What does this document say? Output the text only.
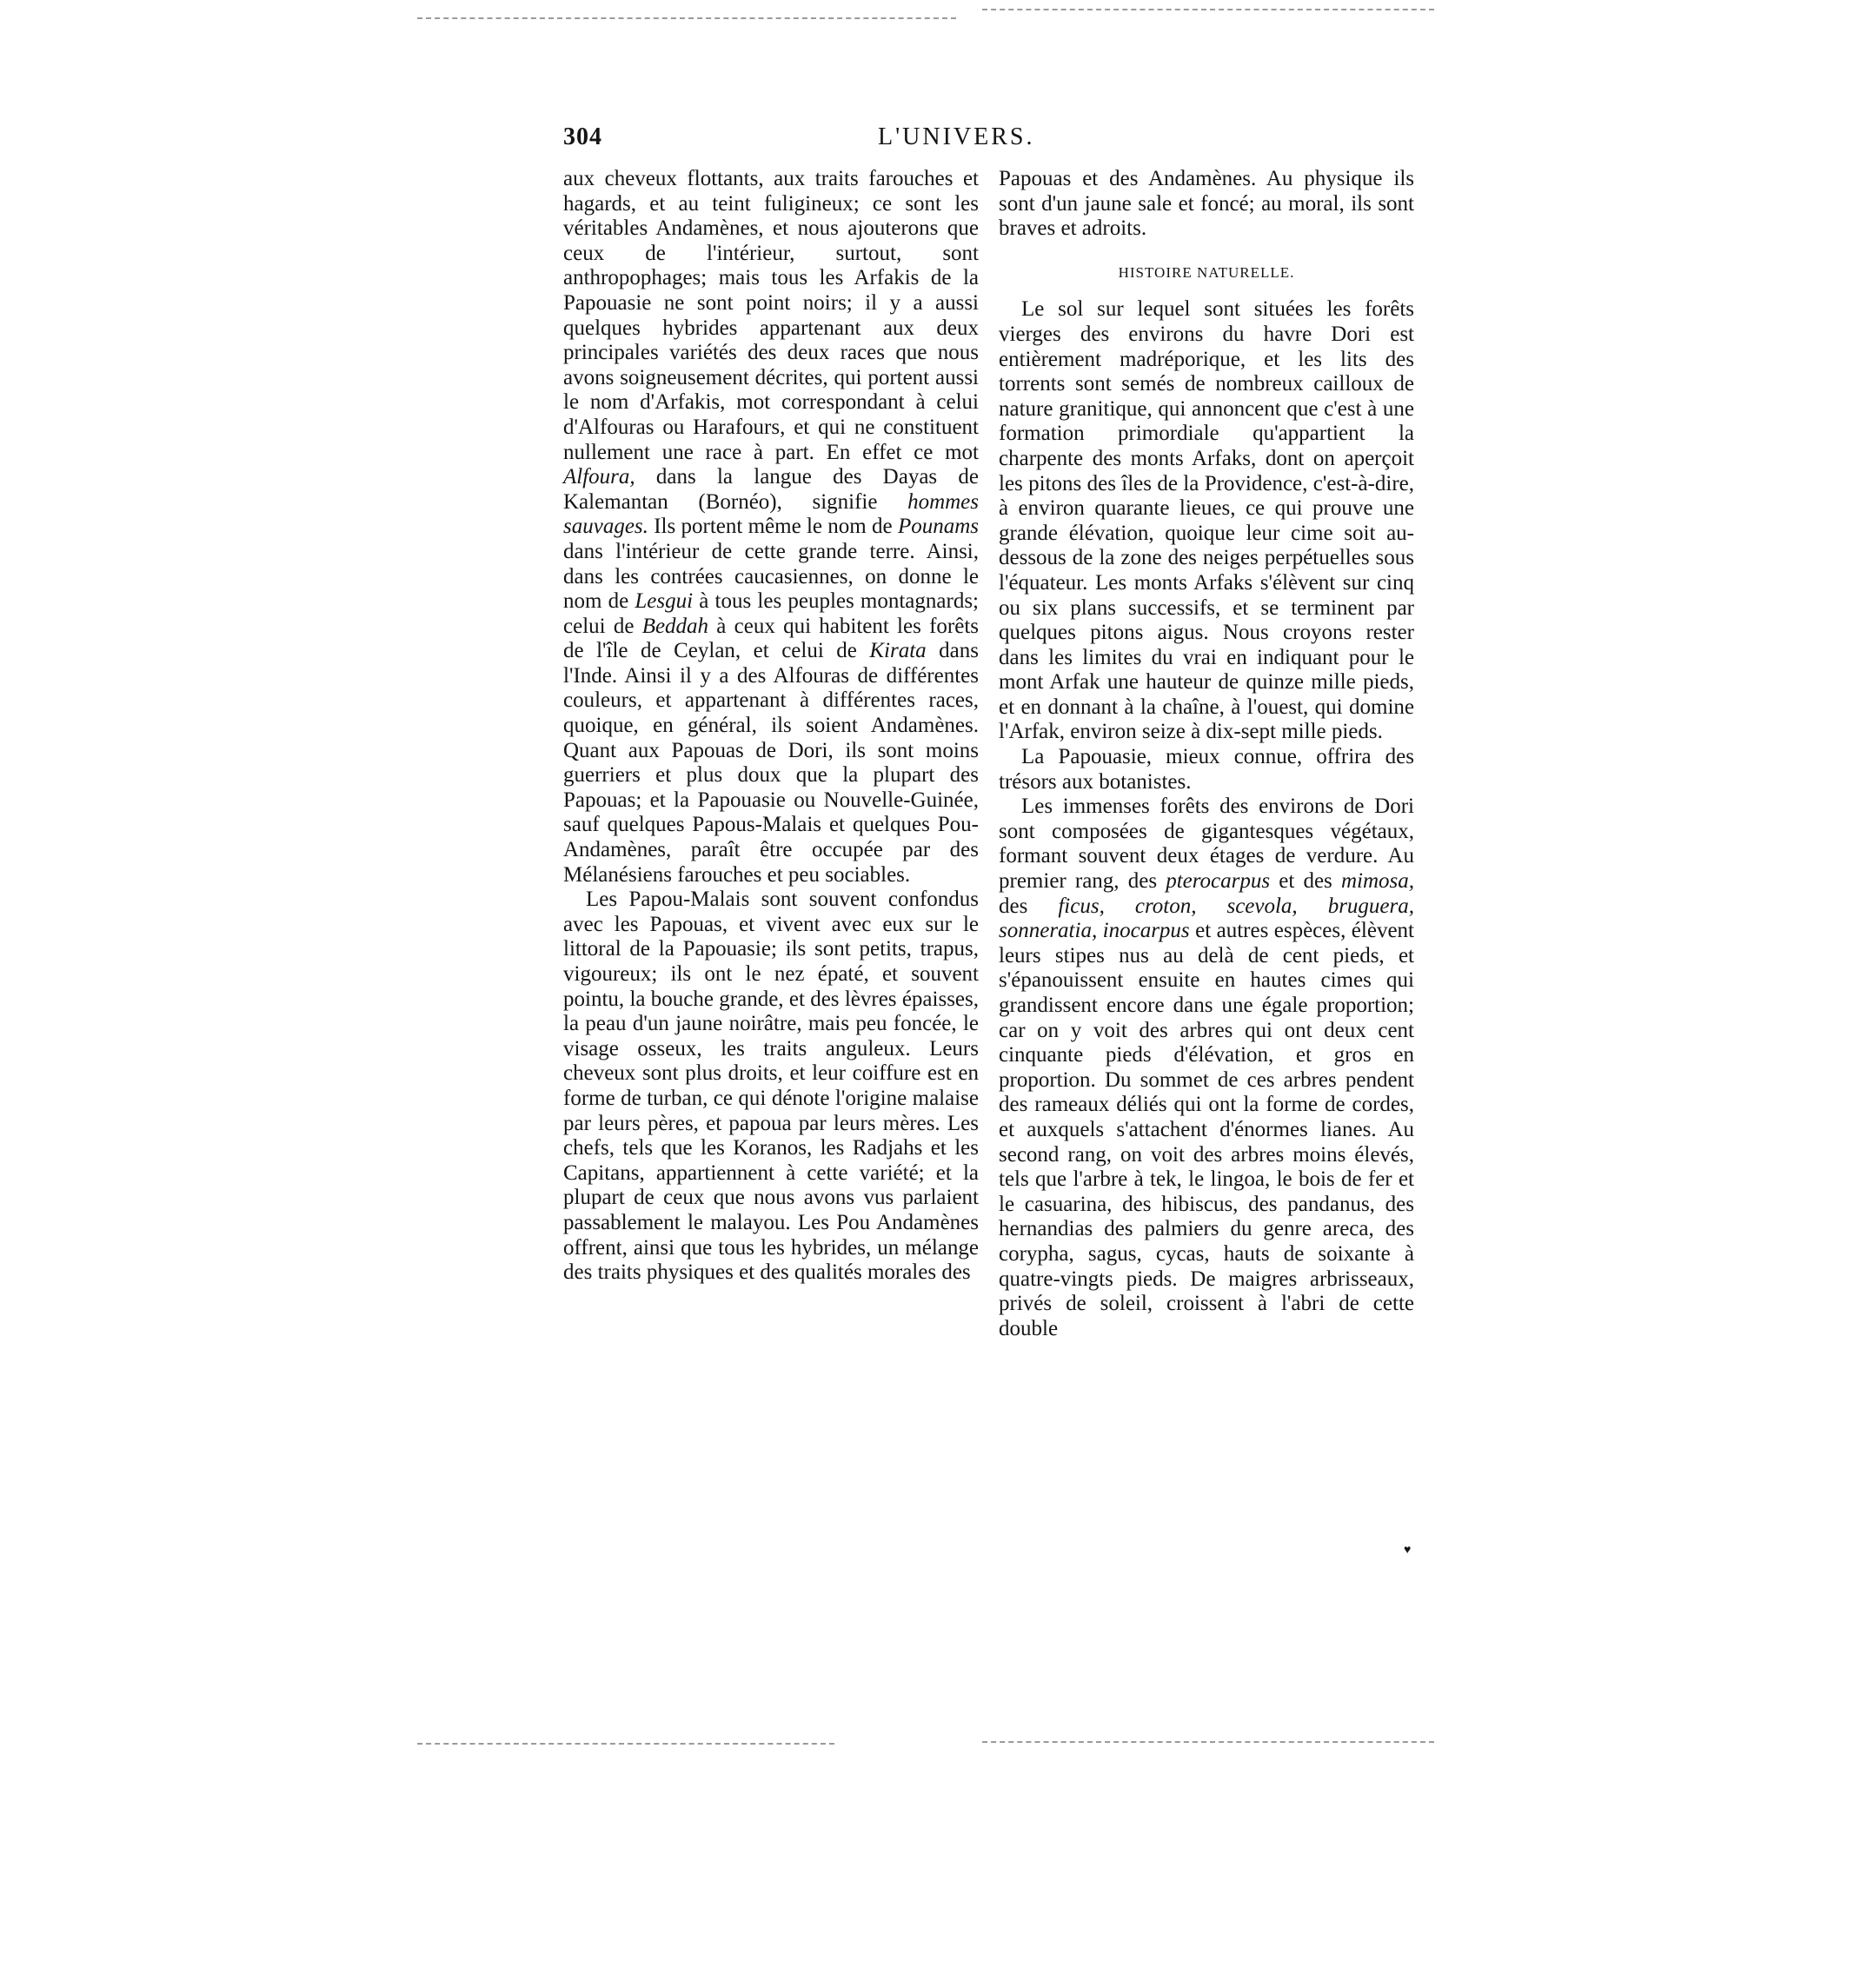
304	L'UNIVERS.

aux cheveux flottants, aux traits farouches et hagards, et au teint fuligineux; ce sont les véritables Andamènes, et nous ajouterons que ceux de l'intérieur, surtout, sont anthropophages; mais tous les Arfakis de la Papouasie ne sont point noirs; il y a aussi quelques hybrides appartenant aux deux principales variétés des deux races que nous avons soigneusement décrites, qui portent aussi le nom d'Arfakis, mot correspondant à celui d'Alfouras ou Harafours, et qui ne constituent nullement une race à part. En effet ce mot Alfoura, dans la langue des Dayas de Kalemantan (Bornéo), signifie hommes sauvages. Ils portent même le nom de Pounams dans l'intérieur de cette grande terre. Ainsi, dans les contrées caucasiennes, on donne le nom de Lesgui à tous les peuples montagnards; celui de Beddah à ceux qui habitent les forêts de l'île de Ceylan, et celui de Kirata dans l'Inde. Ainsi il y a des Alfouras de différentes couleurs, et appartenant à différentes races, quoique, en général, ils soient Andamènes. Quant aux Papouas de Dori, ils sont moins guerriers et plus doux que la plupart des Papouas; et la Papouasie ou Nouvelle-Guinée, sauf quelques Papous-Malais et quelques Pou-Andamènes, paraît être occupée par des Mélanésiens farouches et peu sociables.

Les Papou-Malais sont souvent confondus avec les Papouas, et vivent avec eux sur le littoral de la Papouasie; ils sont petits, trapus, vigoureux; ils ont le nez épaté, et souvent pointu, la bouche grande, et des lèvres épaisses, la peau d'un jaune noirâtre, mais peu foncée, le visage osseux, les traits anguleux. Leurs cheveux sont plus droits, et leur coiffure est en forme de turban, ce qui dénote l'origine malaise par leurs pères, et papoua par leurs mères. Les chefs, tels que les Koranos, les Radjahs et les Capitans, appartiennent à cette variété; et la plupart de ceux que nous avons vus parlaient passablement le malayou. Les Pou Andamènes offrent, ainsi que tous les hybrides, un mélange des traits physiques et des qualités morales des

Papouas et des Andamènes. Au physique ils sont d'un jaune sale et foncé; au moral, ils sont braves et adroits.

HISTOIRE NATURELLE.

Le sol sur lequel sont situées les forêts vierges des environs du havre Dori est entièrement madréporique, et les lits des torrents sont semés de nombreux cailloux de nature granitique, qui annoncent que c'est à une formation primordiale qu'appartient la charpente des monts Arfaks, dont on aperçoit les pitons des îles de la Providence, c'est-à-dire, à environ quarante lieues, ce qui prouve une grande élévation, quoique leur cime soit au-dessous de la zone des neiges perpétuelles sous l'équateur. Les monts Arfaks s'élèvent sur cinq ou six plans successifs, et se terminent par quelques pitons aigus. Nous croyons rester dans les limites du vrai en indiquant pour le mont Arfak une hauteur de quinze mille pieds, et en donnant à la chaîne, à l'ouest, qui domine l'Arfak, environ seize à dix-sept mille pieds.

La Papouasie, mieux connue, offrira des trésors aux botanistes.

Les immenses forêts des environs de Dori sont composées de gigantesques végétaux, formant souvent deux étages de verdure. Au premier rang, des pterocarpus et des mimosa, des ficus, croton, scevola, bruguera, sonneratia, inocarpus et autres espèces, élèvent leurs stipes nus au delà de cent pieds, et s'épanouissent ensuite en hautes cimes qui grandissent encore dans une égale proportion; car on y voit des arbres qui ont deux cent cinquante pieds d'élévation, et gros en proportion. Du sommet de ces arbres pendent des rameaux déliés qui ont la forme de cordes, et auxquels s'attachent d'énormes lianes. Au second rang, on voit des arbres moins élevés, tels que l'arbre à tek, le lingoa, le bois de fer et le casuarina, des hibiscus, des pandanus, des hernandias des palmiers du genre areca, des corypha, sagus, cycas, hauts de soixante à quatre-vingts pieds. De maigres arbrisseaux, privés de soleil, croissent à l'abri de cette double

♥
